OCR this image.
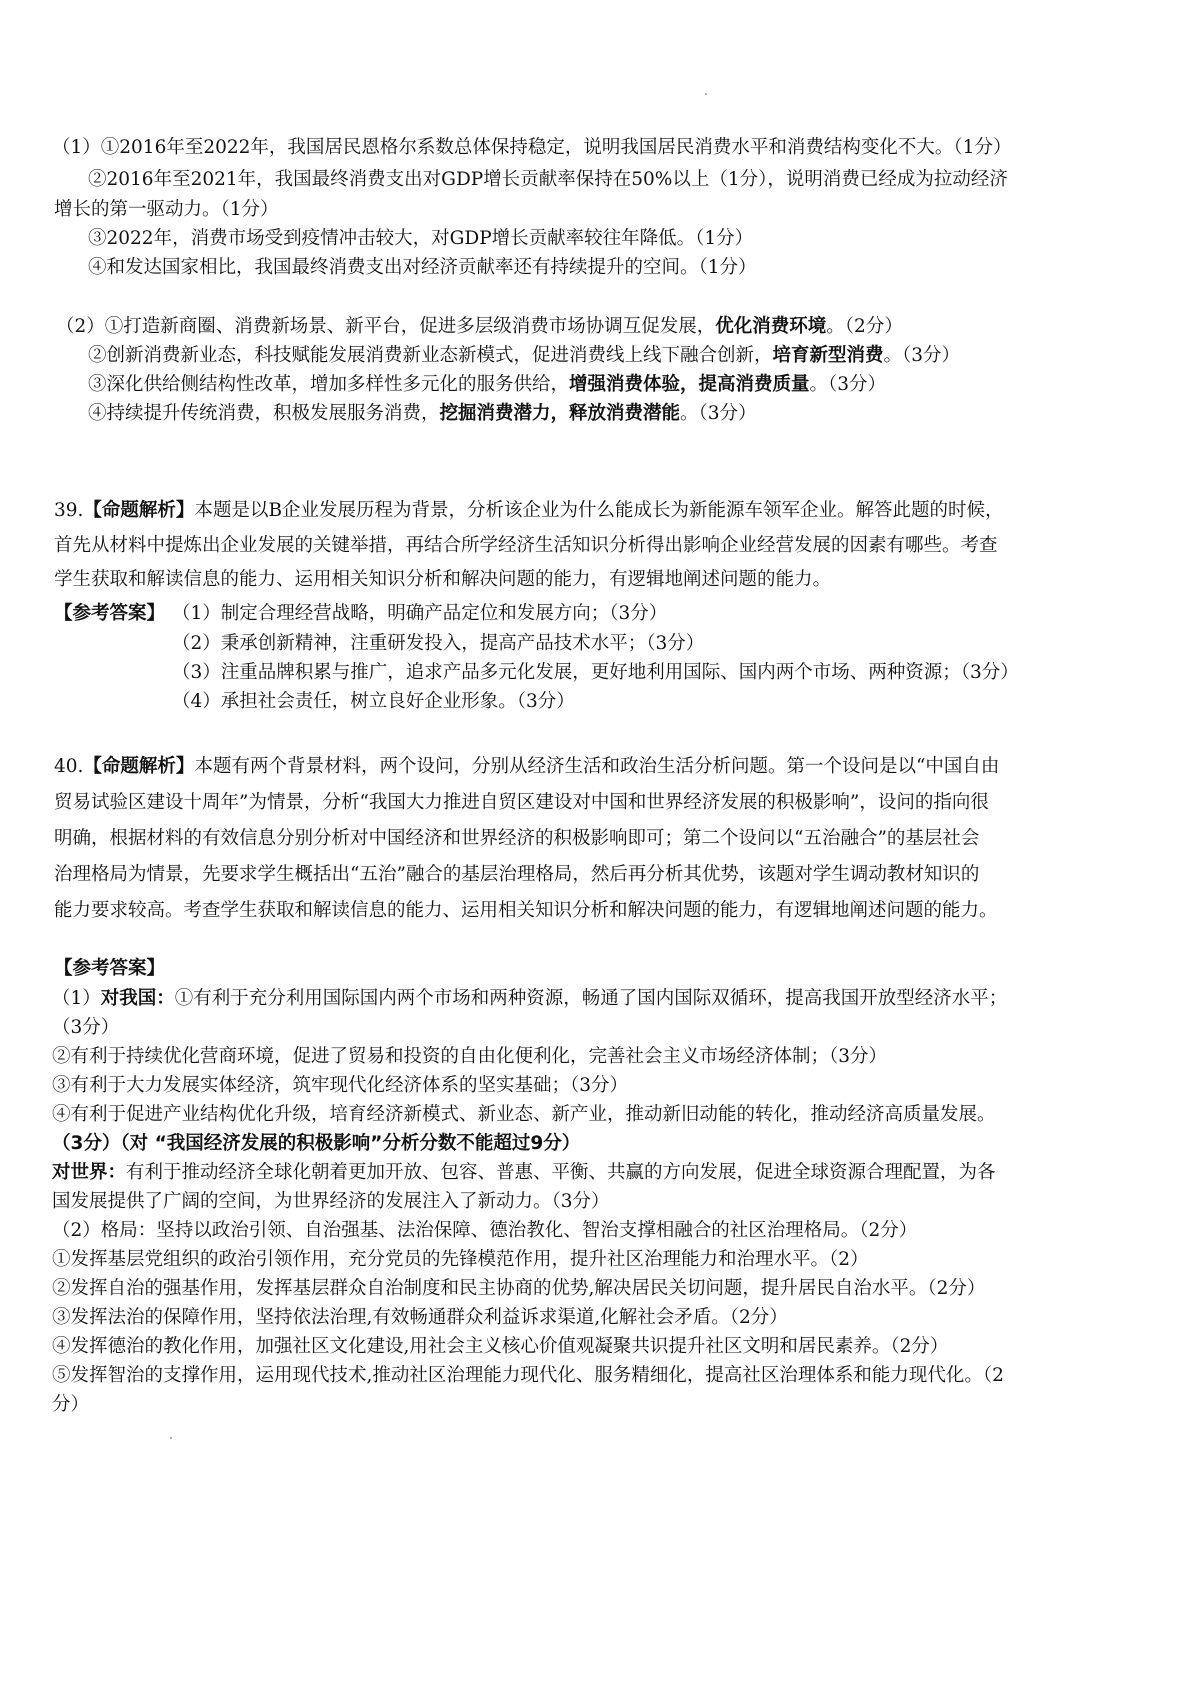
（1）①2016年至2022年，我国居民恩格尔系数总体保持稳定，说明我国居民消费水平和消费结构变化不大。（1分）
②2016年至2021年，我国最终消费支出对GDP增长贡献率保持在50%以上（1分），说明消费已经成为拉动经济
增长的第一驱动力。（1分）
③2022年，消费市场受到疫情冲击较大，对GDP增长贡献率较往年降低。（1分）
④和发达国家相比，我国最终消费支出对经济贡献率还有持续提升的空间。（1分）
（2）①打造新商圈、消费新场景、新平台，促进多层级消费市场协调互促发展，优化消费环境。（2分）
②创新消费新业态，科技赋能发展消费新业态新模式，促进消费线上线下融合创新，培育新型消费。（3分）
③深化供给侧结构性改革，增加多样性多元化的服务供给，增强消费体验，提高消费质量。（3分）
④持续提升传统消费，积极发展服务消费，挖掘消费潜力，释放消费潜能。（3分）
39.【命题解析】本题是以B企业发展历程为背景，分析该企业为什么能成长为新能源车领军企业。解答此题的时候，
首先从材料中提炼出企业发展的关键举措，再结合所学经济生活知识分析得出影响企业经营发展的因素有哪些。考查
学生获取和解读信息的能力、运用相关知识分析和解决问题的能力，有逻辑地阐述问题的能力。
【参考答案】 （1）制定合理经营战略，明确产品定位和发展方向；（3分）
（2）秉承创新精神，注重研发投入，提高产品技术水平；（3分）
（3）注重品牌积累与推广，追求产品多元化发展，更好地利用国际、国内两个市场、两种资源；（3分）
（4）承担社会责任，树立良好企业形象。（3分）
40.【命题解析】本题有两个背景材料，两个设问，分别从经济生活和政治生活分析问题。第一个设问是以“中国自由
贸易试验区建设十周年”为情景，分析“我国大力推进自贸区建设对中国和世界经济发展的积极影响”，设问的指向很
明确，根据材料的有效信息分别分析对中国经济和世界经济的积极影响即可；第二个设问以“五治融合”的基层社会
治理格局为情景，先要求学生概括出“五治”融合的基层治理格局，然后再分析其优势，该题对学生调动教材知识的
能力要求较高。考查学生获取和解读信息的能力、运用相关知识分析和解决问题的能力，有逻辑地阐述问题的能力。
【参考答案】
（1）对我国：①有利于充分利用国际国内两个市场和两种资源，畅通了国内国际双循环，提高我国开放型经济水平；
（3分）
②有利于持续优化营商环境，促进了贸易和投资的自由化便利化，完善社会主义市场经济体制；（3分）
③有利于大力发展实体经济，筑牢现代化经济体系的坚实基础；（3分）
④有利于促进产业结构优化升级，培育经济新模式、新业态、新产业，推动新旧动能的转化，推动经济高质量发展。
（3分）（对 “我国经济发展的积极影响”分析分数不能超过9分）
对世界：有利于推动经济全球化朝着更加开放、包容、普惠、平衡、共赢的方向发展，促进全球资源合理配置，为各
国发展提供了广阔的空间，为世界经济的发展注入了新动力。（3分）
（2）格局：坚持以政治引领、自治强基、法治保障、德治教化、智治支撑相融合的社区治理格局。（2分）
①发挥基层党组织的政治引领作用，充分党员的先锋模范作用，提升社区治理能力和治理水平。（2）
②发挥自治的强基作用，发挥基层群众自治制度和民主协商的优势,解决居民关切问题，提升居民自治水平。（2分）
③发挥法治的保障作用，坚持依法治理,有效畅通群众利益诉求渠道,化解社会矛盾。（2分）
④发挥德治的教化作用，加强社区文化建设,用社会主义核心价值观凝聚共识提升社区文明和居民素养。（2分）
⑤发挥智治的支撑作用，运用现代技术,推动社区治理能力现代化、服务精细化，提高社区治理体系和能力现代化。（2
分）
